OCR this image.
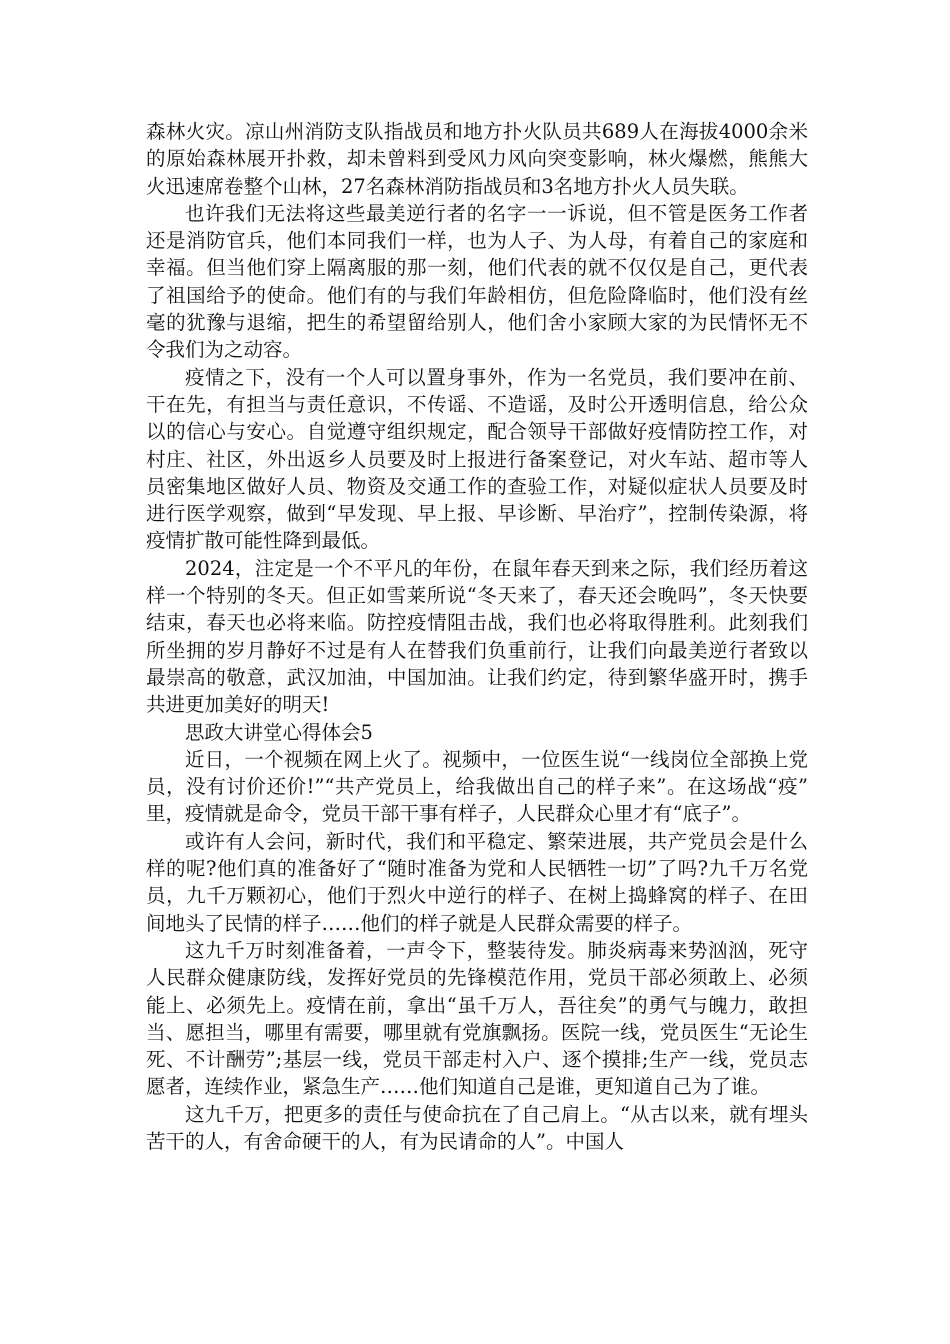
森林火灾。凉山州消防支队指战员和地方扑火队员共689人在海拔4000余米的原始森林展开扑救，却未曾料到受风力风向突变影响，林火爆燃，熊熊大火迅速席卷整个山林，27名森林消防指战员和3名地方扑火人员失联。

也许我们无法将这些最美逆行者的名字一一诉说，但不管是医务工作者还是消防官兵，他们本同我们一样，也为人子、为人母，有着自己的家庭和幸福。但当他们穿上隔离服的那一刻，他们代表的就不仅仅是自己，更代表了祖国给予的使命。他们有的与我们年龄相仿，但危险降临时，他们没有丝毫的犹豫与退缩，把生的希望留给别人，他们舍小家顾大家的为民情怀无不令我们为之动容。

疫情之下，没有一个人可以置身事外，作为一名党员，我们要冲在前、干在先，有担当与责任意识，不传谣、不造谣，及时公开透明信息，给公众以的信心与安心。自觉遵守组织规定，配合领导干部做好疫情防控工作，对村庄、社区，外出返乡人员要及时上报进行备案登记，对火车站、超市等人员密集地区做好人员、物资及交通工作的查验工作，对疑似症状人员要及时进行医学观察，做到“早发现、早上报、早诊断、早治疗”，控制传染源，将疫情扩散可能性降到最低。

2024，注定是一个不平凡的年份，在鼠年春天到来之际，我们经历着这样一个特别的冬天。但正如雪莱所说“冬天来了，春天还会晚吗”，冬天快要结束，春天也必将来临。防控疫情阻击战，我们也必将取得胜利。此刻我们所坐拥的岁月静好不过是有人在替我们负重前行，让我们向最美逆行者致以最崇高的敬意，武汉加油，中国加油。让我们约定，待到繁华盛开时，携手共进更加美好的明天!

思政大讲堂心得体会5

近日，一个视频在网上火了。视频中，一位医生说“一线岗位全部换上党员，没有讨价还价!”“共产党员上，给我做出自己的样子来”。在这场战“疫”里，疫情就是命令，党员干部干事有样子，人民群众心里才有“底子”。

或许有人会问，新时代，我们和平稳定、繁荣进展，共产党员会是什么样的呢?他们真的准备好了“随时准备为党和人民牺牲一切”了吗?九千万名党员，九千万颗初心，他们于烈火中逆行的样子、在树上捣蜂窝的样子、在田间地头了民情的样子……他们的样子就是人民群众需要的样子。

这九千万时刻准备着，一声令下，整装待发。肺炎病毒来势汹汹，死守人民群众健康防线，发挥好党员的先锋模范作用，党员干部必须敢上、必须能上、必须先上。疫情在前，拿出“虽千万人，吾往矣”的勇气与魄力，敢担当、愿担当，哪里有需要，哪里就有党旗飘扬。医院一线，党员医生“无论生死、不计酬劳”;基层一线，党员干部走村入户、逐个摸排;生产一线，党员志愿者，连续作业，紧急生产……他们知道自己是谁，更知道自己为了谁。

这九千万，把更多的责任与使命抗在了自己肩上。“从古以来，就有埋头苦干的人，有舍命硬干的人，有为民请命的人”。中国人
